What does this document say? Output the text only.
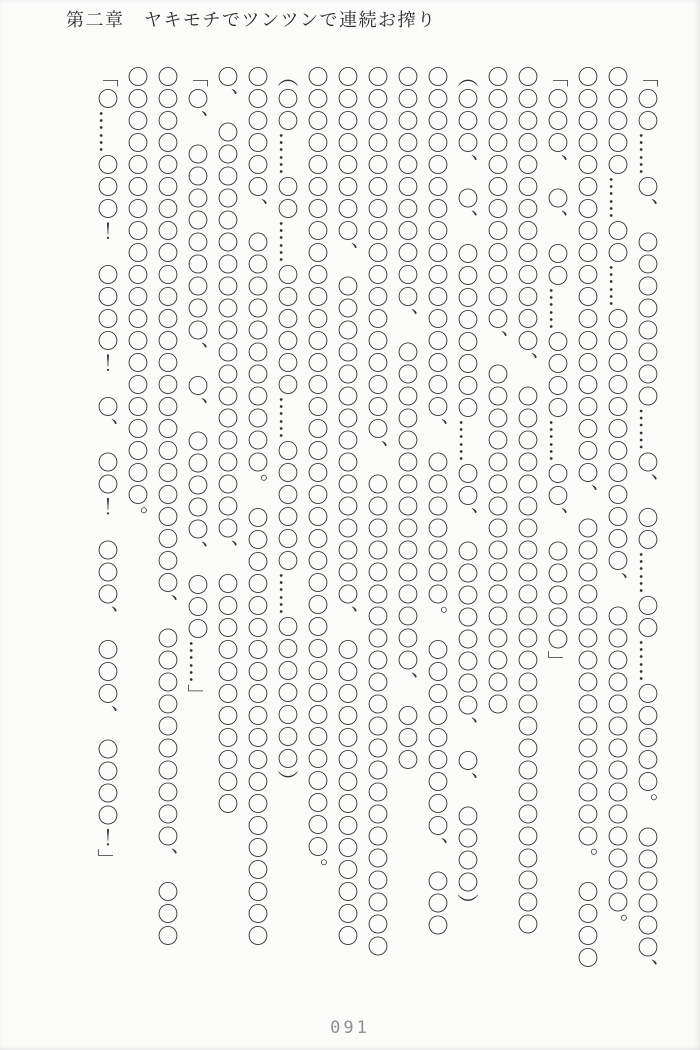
第二章　ヤキモチでツンツンで連続お搾り
「〇〇……〇、　〇〇〇〇〇〇〇〇……〇、　〇〇……〇〇……〇〇〇〇〇。　〇〇〇〇〇〇、
〇〇〇〇〇……〇〇……〇〇〇〇〇〇〇〇〇〇〇〇、　〇〇〇〇〇〇〇〇〇〇〇〇〇〇。
〇〇〇〇〇〇〇〇〇〇〇〇〇〇〇〇〇〇〇、　〇〇〇〇〇〇〇〇〇〇〇〇〇〇〇。　〇〇〇〇
「〇〇〇、　〇、　〇〇……〇〇〇〇……〇〇、　〇〇〇〇〇」
〇〇〇〇〇〇〇〇〇〇〇〇〇、　〇〇〇〇〇〇〇〇〇〇〇〇〇〇〇〇〇〇〇〇〇〇〇〇〇
〇〇〇〇〇〇〇〇〇〇〇〇、　〇〇〇〇〇〇〇〇〇〇〇〇〇〇〇〇
（〇〇〇、　〇、　〇〇〇〇〇〇〇〇……〇〇、　〇〇〇〇〇〇〇〇、　〇、　〇〇〇〇）
〇〇〇〇〇〇〇〇〇〇〇〇〇〇〇〇、　〇〇〇〇〇〇〇。　〇〇〇〇〇〇〇〇〇、　〇〇〇
〇〇〇〇〇〇〇〇〇〇〇、　〇〇〇〇〇〇〇〇〇〇〇〇〇〇〇、　〇〇〇
〇〇〇〇〇〇〇〇〇〇〇〇〇〇〇〇〇、　〇〇〇〇〇〇〇〇〇〇〇〇〇〇〇〇〇〇〇〇〇〇
〇〇〇〇〇〇〇〇、　〇〇〇〇〇〇〇〇〇〇〇〇〇〇〇、　〇〇〇〇〇〇〇〇〇〇〇〇〇〇
〇〇〇〇〇〇〇〇〇〇〇〇〇〇〇〇〇〇〇〇〇〇〇〇〇〇〇〇〇〇〇〇〇〇〇〇。
（〇〇……〇〇……〇〇〇〇〇〇……〇〇〇〇〇〇……〇〇〇〇〇〇〇）
〇〇〇〇〇〇、　〇〇〇〇〇〇〇〇〇〇〇。　〇〇〇〇〇〇〇〇〇〇〇〇〇〇〇〇〇〇〇〇
〇、　〇〇〇〇〇〇〇〇〇〇〇〇〇〇〇〇〇〇〇、　〇〇〇〇〇〇〇〇〇〇〇
「〇、　〇〇〇〇〇〇〇〇〇、　〇、　〇〇〇〇〇、　〇〇〇……」
〇〇〇〇〇〇〇〇〇〇〇〇〇〇〇〇〇〇〇〇〇〇〇〇、　〇〇〇〇〇〇〇〇〇〇、　〇〇〇
〇〇〇〇〇〇〇〇〇〇〇〇〇〇〇〇〇〇〇〇。
「〇……〇〇〇！　〇〇〇〇！　〇、　〇〇！　〇〇〇、　〇〇〇、　〇〇〇〇！」
091
